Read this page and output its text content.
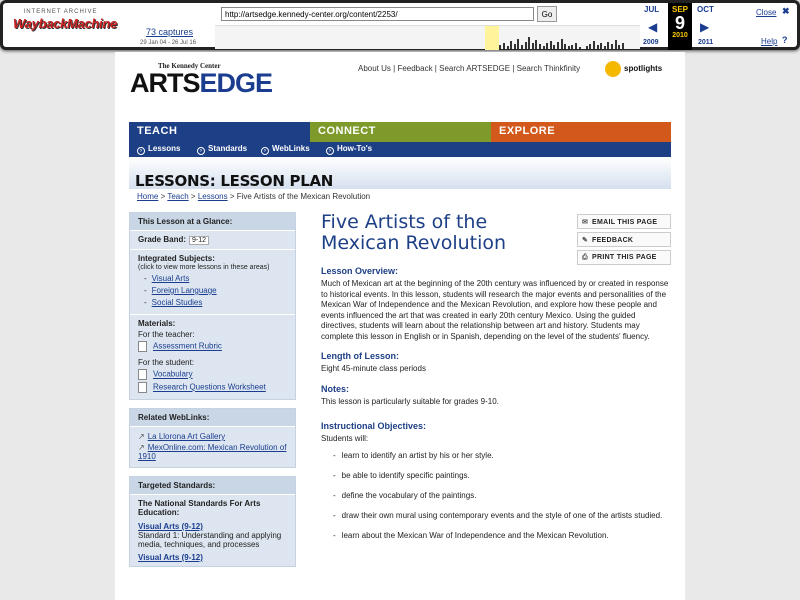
INTERNET ARCHIVE
WaybackMachine
http://artsedge.kennedy-center.org/content/2253/
Go
73 captures
29 Jan 04 - 26 Jul 16
JUL
◀
2009
SEP
9
2010
OCT
▶
2011
Close ✖
Help ?
The Kennedy Center
ARTSEDGE	About Us | Feedback | Search ARTSEDGE | Search Thinkfinity	spotlights
TEACH	CONNECT	EXPLORE
› Lessons	› Standards	› WebLinks	› How-To's
LESSONS: LESSON PLAN
Home > Teach > Lessons > Five Artists of the Mexican Revolution
This Lesson at a Glance:
Grade Band: 9-12
Integrated Subjects:
(click to view more lessons in these areas)
- Visual Arts
- Foreign Language
- Social Studies
Materials:
For the teacher:
Assessment Rubric
For the student:
Vocabulary
Research Questions Worksheet
Related WebLinks:
↗ La Llorona Art Gallery
↗ MexOnline.com: Mexican Revolution of 1910
Targeted Standards:
The National Standards For Arts Education:
Visual Arts (9-12)
Standard 1: Understanding and applying media, techniques, and processes
Visual Arts (9-12)
✉ EMAIL THIS PAGE
✎ FEEDBACK
⎙ PRINT THIS PAGE
Five Artists of the Mexican Revolution
Lesson Overview:
Much of Mexican art at the beginning of the 20th century was influenced by or created in response to historical events. In this lesson, students will research the major events and personalities of the Mexican War of Independence and the Mexican Revolution, and explore how these people and events influenced the art that was created in early 20th century Mexico. Using the guided directives, students will learn about the relationship between art and history. Students may complete this lesson in English or in Spanish, depending on the level of the students' fluency.
Length of Lesson:
Eight 45-minute class periods
Notes:
This lesson is particularly suitable for grades 9-10.
Instructional Objectives:
Students will:
- learn to identify an artist by his or her style.
- be able to identify specific paintings.
- define the vocabulary of the paintings.
- draw their own mural using contemporary events and the style of one of the artists studied.
- learn about the Mexican War of Independence and the Mexican Revolution.
